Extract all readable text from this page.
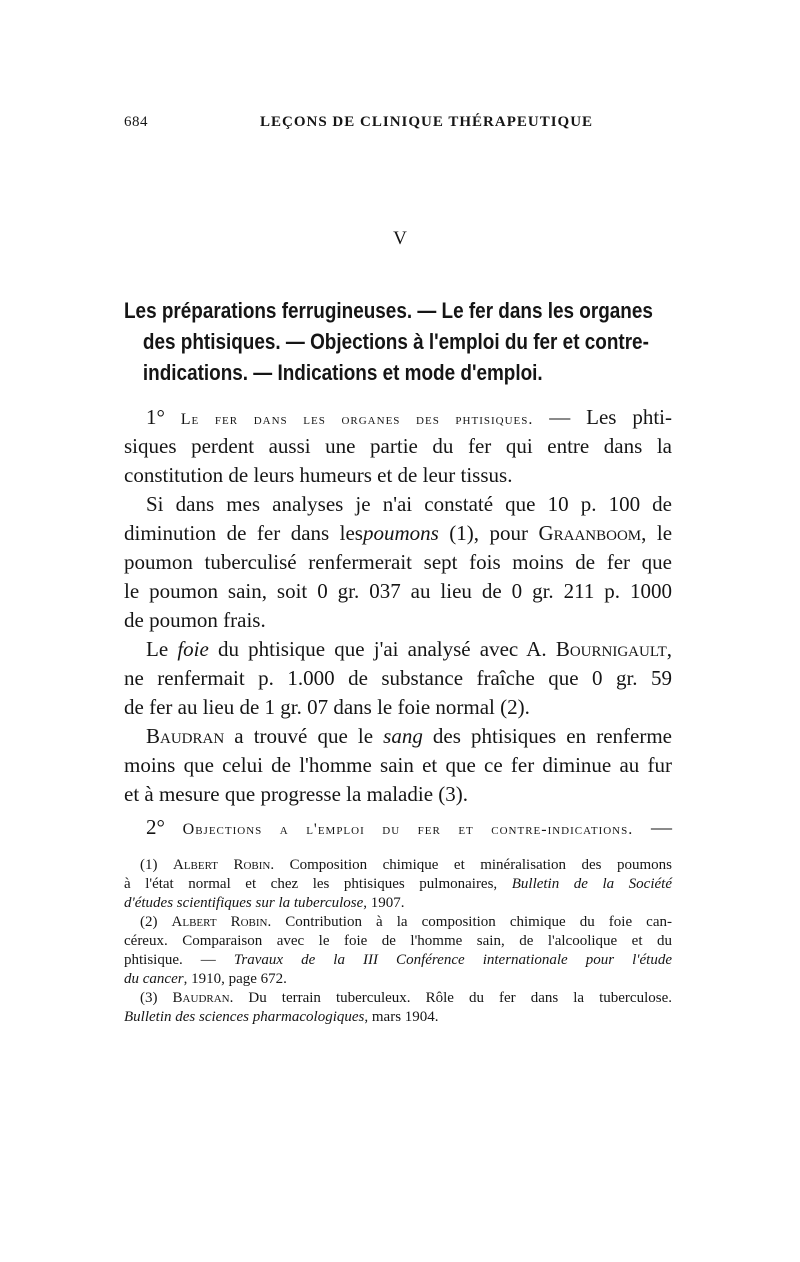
684	LEÇONS DE CLINIQUE THÉRAPEUTIQUE
V
Les préparations ferrugineuses. — Le fer dans les organes
des phtisiques. — Objections à l'emploi du fer et contre-
indications. — Indications et mode d'emploi.
1° Le fer dans les organes des phtisiques. — Les phti-
siques perdent aussi une partie du fer qui entre dans la
constitution de leurs humeurs et de leur tissus.
Si dans mes analyses je n'ai constaté que 10 p. 100 de
diminution de fer dans lespoumons (1), pour Graanboom, le
poumon tuberculisé renfermerait sept fois moins de fer que
le poumon sain, soit 0 gr. 037 au lieu de 0 gr. 211 p. 1000
de poumon frais.
Le foie du phtisique que j'ai analysé avec A. Bournigault,
ne renfermait p. 1.000 de substance fraîche que 0 gr. 59
de fer au lieu de 1 gr. 07 dans le foie normal (2).
Baudran a trouvé que le sang des phtisiques en renferme
moins que celui de l'homme sain et que ce fer diminue au fur
et à mesure que progresse la maladie (3).
2° Objections a l'emploi du fer et contre-indications. —
(1) Albert Robin. Composition chimique et minéralisation des poumons
à l'état normal et chez les phtisiques pulmonaires, Bulletin de la Société
d'études scientifiques sur la tuberculose, 1907.
(2) Albert Robin. Contribution à la composition chimique du foie can-
céreux. Comparaison avec le foie de l'homme sain, de l'alcoolique et du
phtisique. — Travaux de la III Conférence internationale pour l'étude
du cancer, 1910, page 672.
(3) Baudran. Du terrain tuberculeux. Rôle du fer dans la tuberculose.
Bulletin des sciences pharmacologiques, mars 1904.
